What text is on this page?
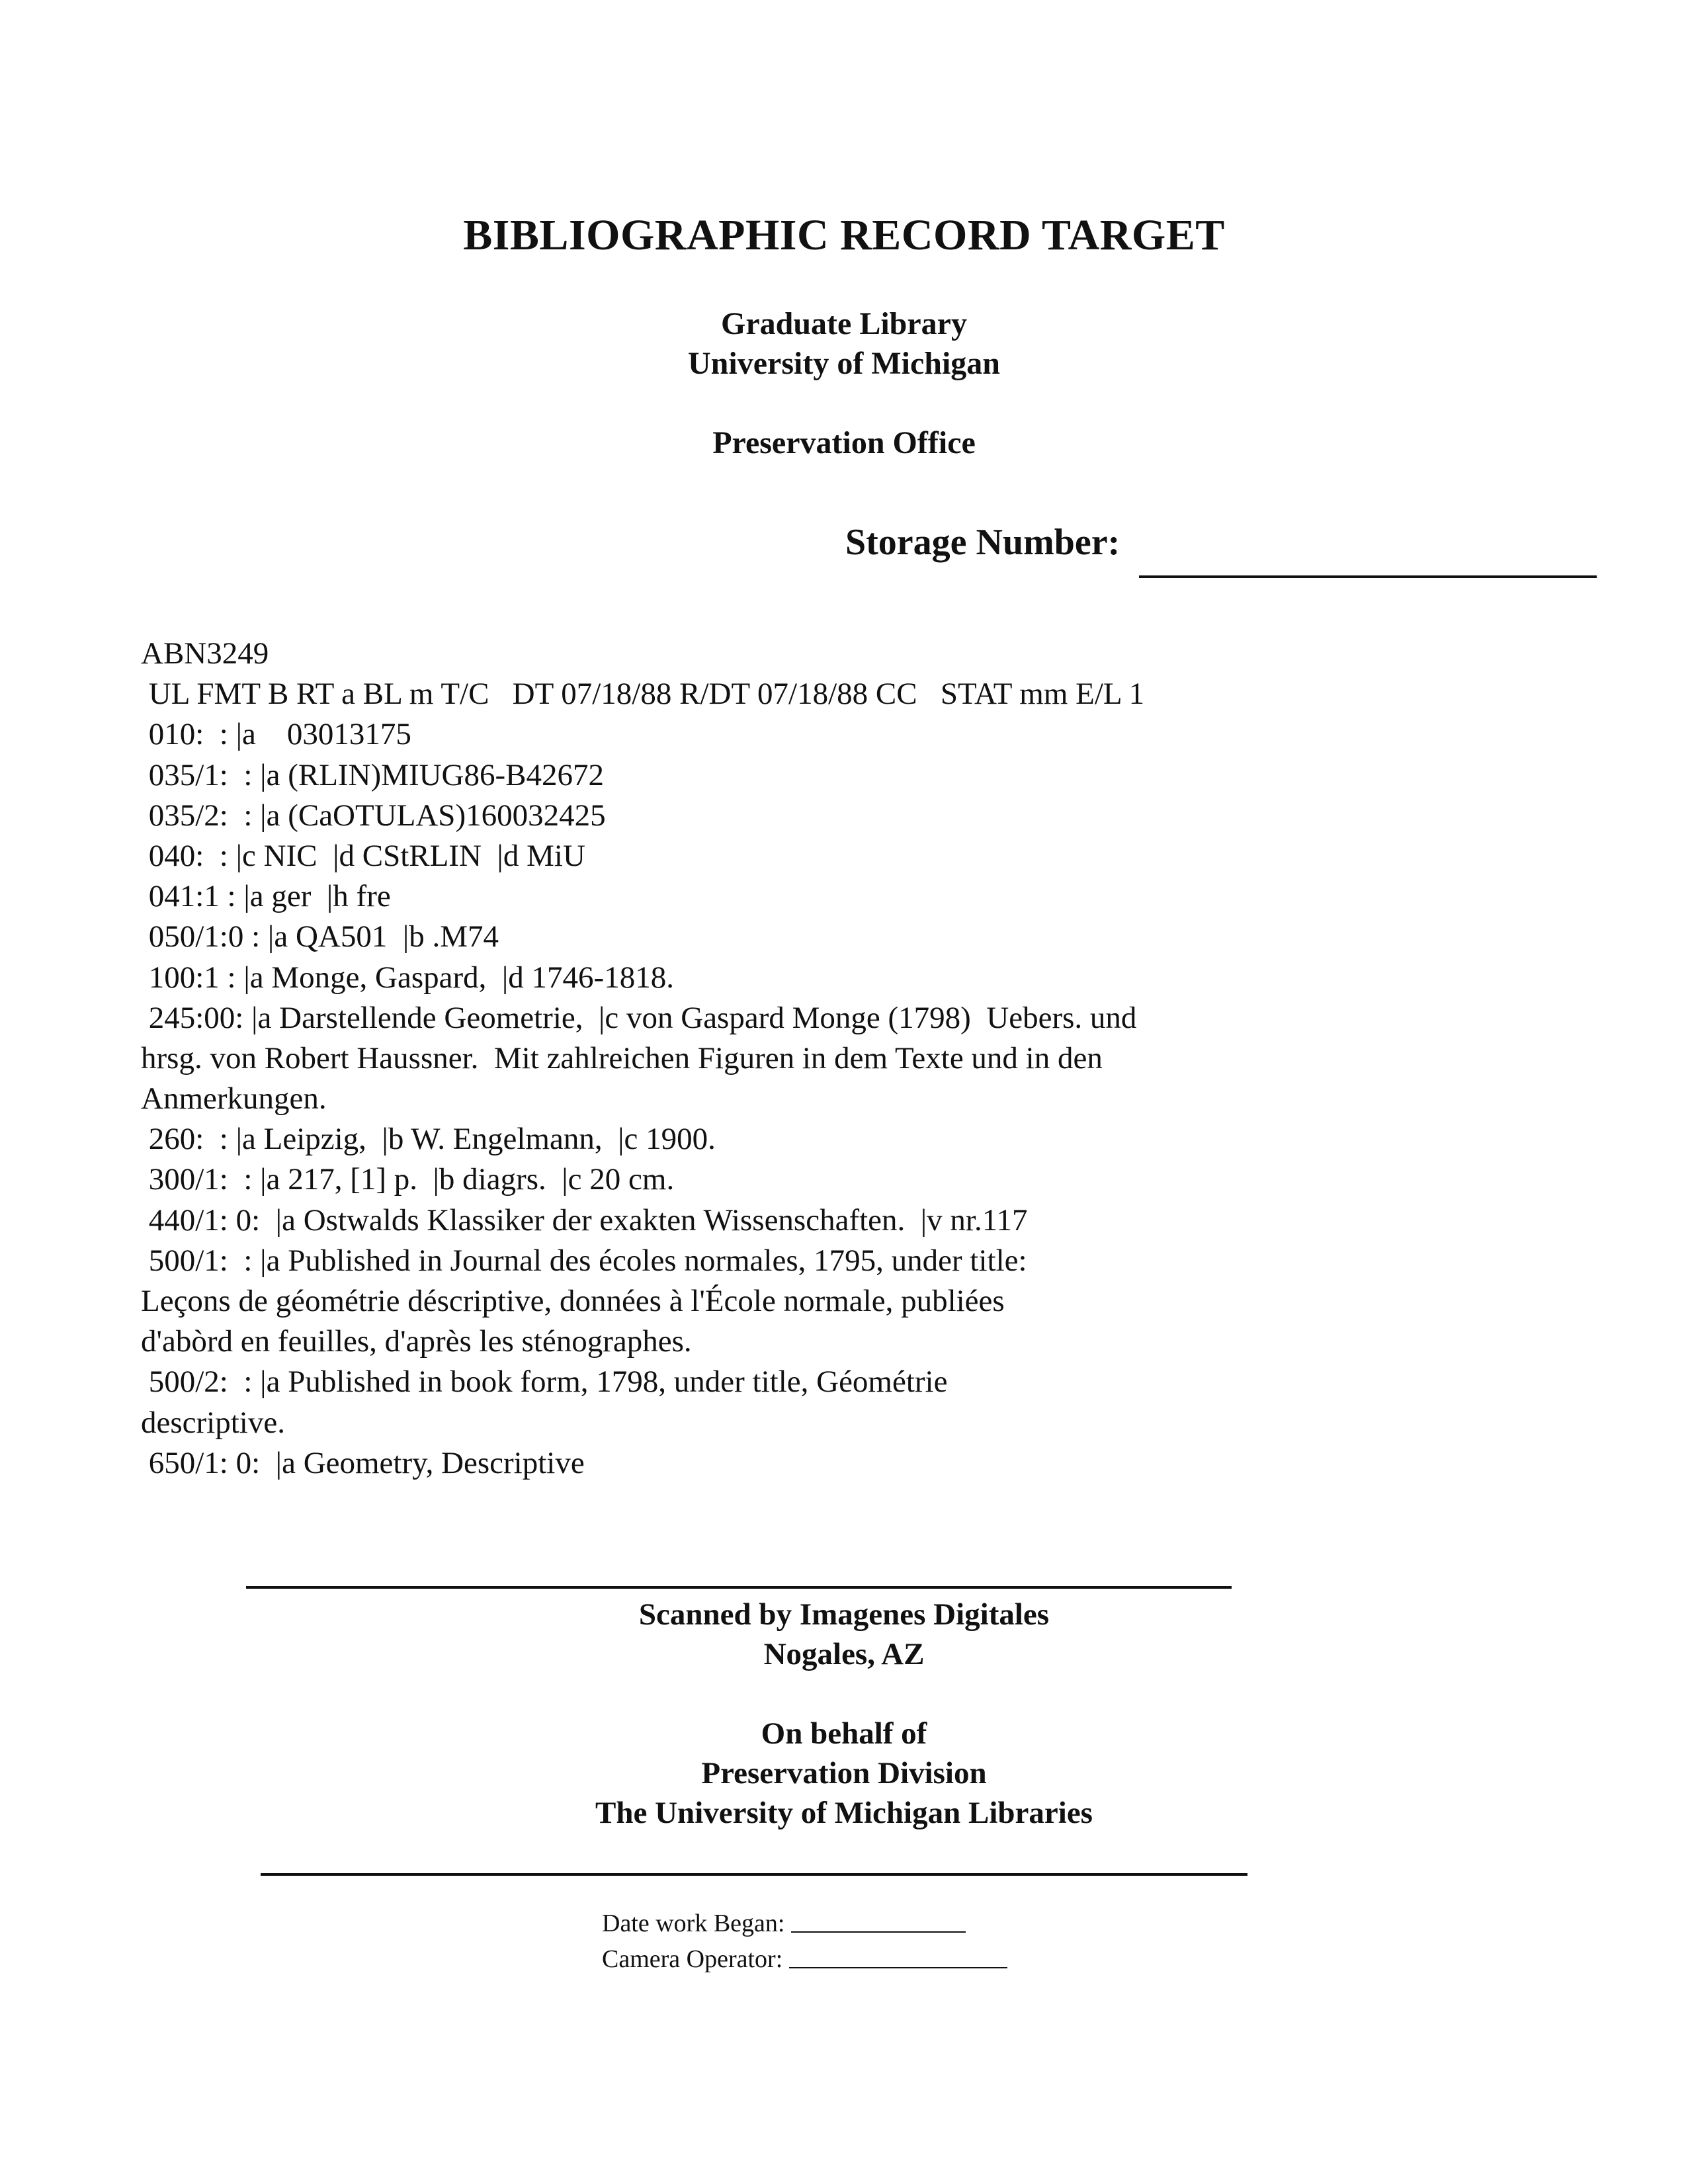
BIBLIOGRAPHIC RECORD TARGET
Graduate Library
University of Michigan
Preservation Office
Storage Number:
ABN3249
UL FMT B RT a BL m T/C   DT 07/18/88 R/DT 07/18/88 CC   STAT mm E/L 1
010:  : |a    03013175
035/1:  : |a (RLIN)MIUG86-B42672
035/2:  : |a (CaOTULAS)160032425
040:  : |c NIC  |d CStRLIN  |d MiU
041:1 : |a ger  |h fre
050/1:0 : |a QA501  |b .M74
100:1 : |a Monge, Gaspard,  |d 1746-1818.
245:00: |a Darstellende Geometrie,  |c von Gaspard Monge (1798)  Uebers. und
hrsg. von Robert Haussner.  Mit zahlreichen Figuren in dem Texte und in den
Anmerkungen.
260:  : |a Leipzig,  |b W. Engelmann,  |c 1900.
300/1:  : |a 217, [1] p.  |b diagrs.  |c 20 cm.
440/1: 0:  |a Ostwalds Klassiker der exakten Wissenschaften.  |v nr.117
500/1:  : |a Published in Journal des écoles normales, 1795, under title:
Leçons de géométrie déscriptive, données à l'École normale, publiées
d'abòrd en feuilles, d'après les sténographes.
500/2:  : |a Published in book form, 1798, under title, Géométrie
descriptive.
650/1: 0:  |a Geometry, Descriptive
Scanned by Imagenes Digitales
Nogales, AZ
On behalf of
Preservation Division
The University of Michigan Libraries
Date work Began:
Camera Operator:
